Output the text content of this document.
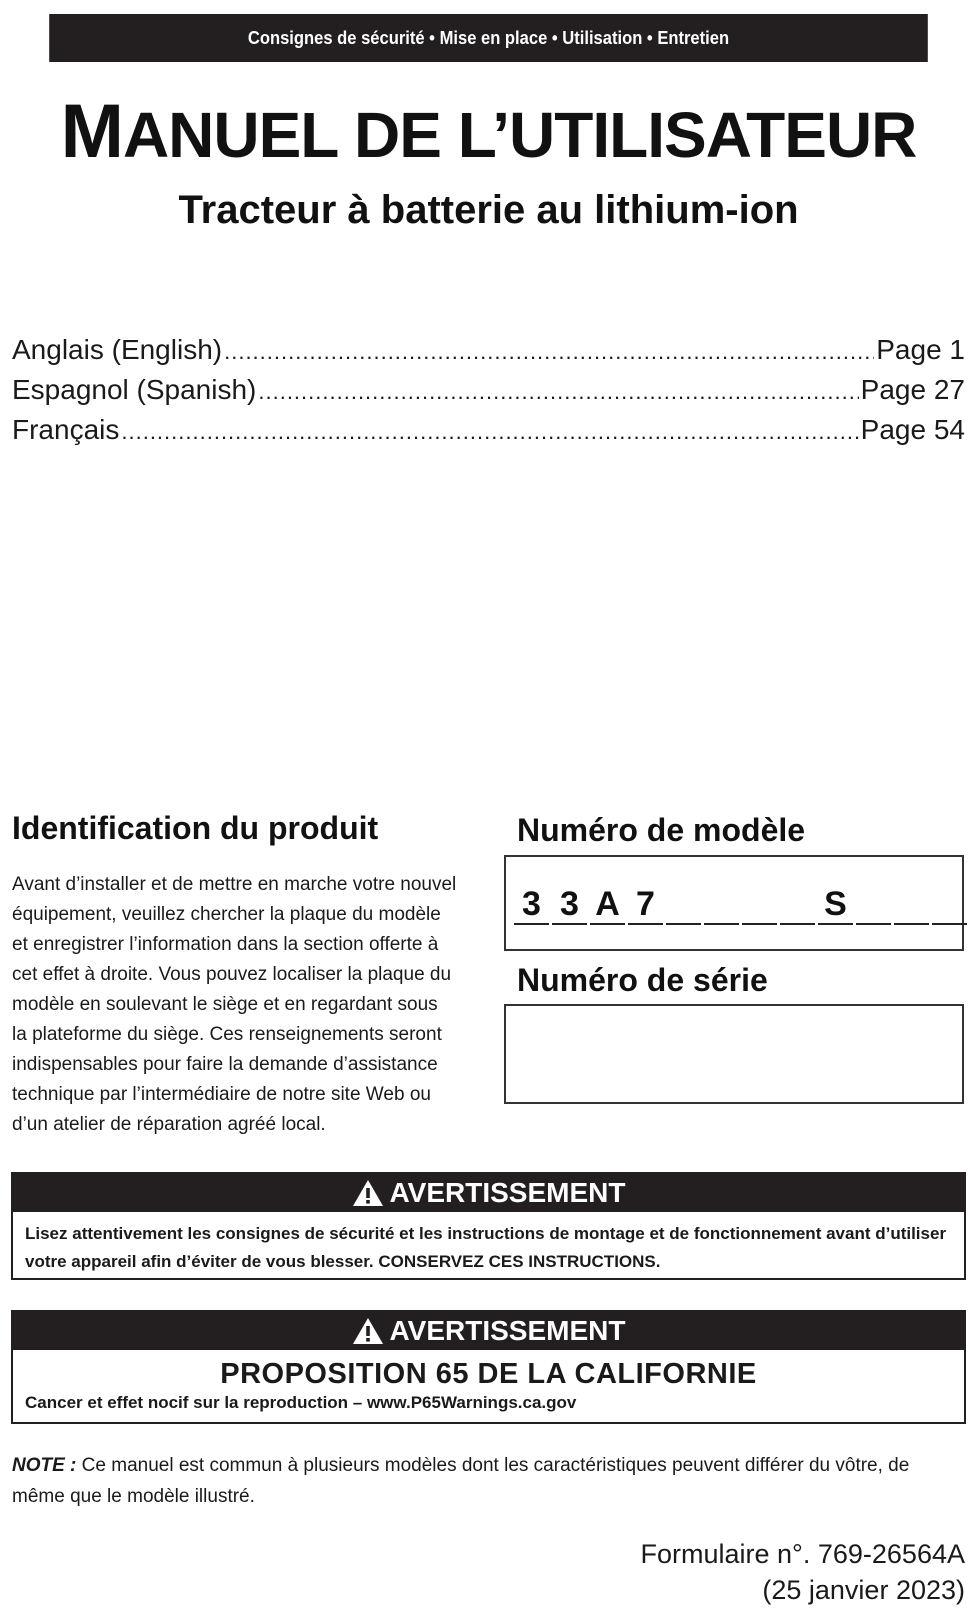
Consignes de sécurité • Mise en place • Utilisation • Entretien
MANUEL DE L’UTILISATEUR
Tracteur à batterie au lithium-ion
Anglais (English) .....	Page 1
Espagnol (Spanish) .....	Page 27
Français .....	Page 54
Identification du produit
Avant d’installer et de mettre en marche votre nouvel équipement, veuillez chercher la plaque du modèle et enregistrer l’information dans la section offerte à cet effet à droite. Vous pouvez localiser la plaque du modèle en soulevant le siège et en regardant sous la plateforme du siège. Ces renseignements seront indispensables pour faire la demande d’assistance technique par l’intermédiaire de notre site Web ou d’un atelier de réparation agréé local.
Numéro de modèle
3 3 A 7	S
Numéro de série
AVERTISSEMENT
Lisez attentivement les consignes de sécurité et les instructions de montage et de fonctionnement avant d’utiliser votre appareil afin d’éviter de vous blesser. CONSERVEZ CES INSTRUCTIONS.
AVERTISSEMENT
PROPOSITION 65 DE LA CALIFORNIE
Cancer et effet nocif sur la reproduction – www.P65Warnings.ca.gov
NOTE : Ce manuel est commun à plusieurs modèles dont les caractéristiques peuvent différer du vôtre, de même que le modèle illustré.
Formulaire n°. 769-26564A
(25 janvier 2023)
